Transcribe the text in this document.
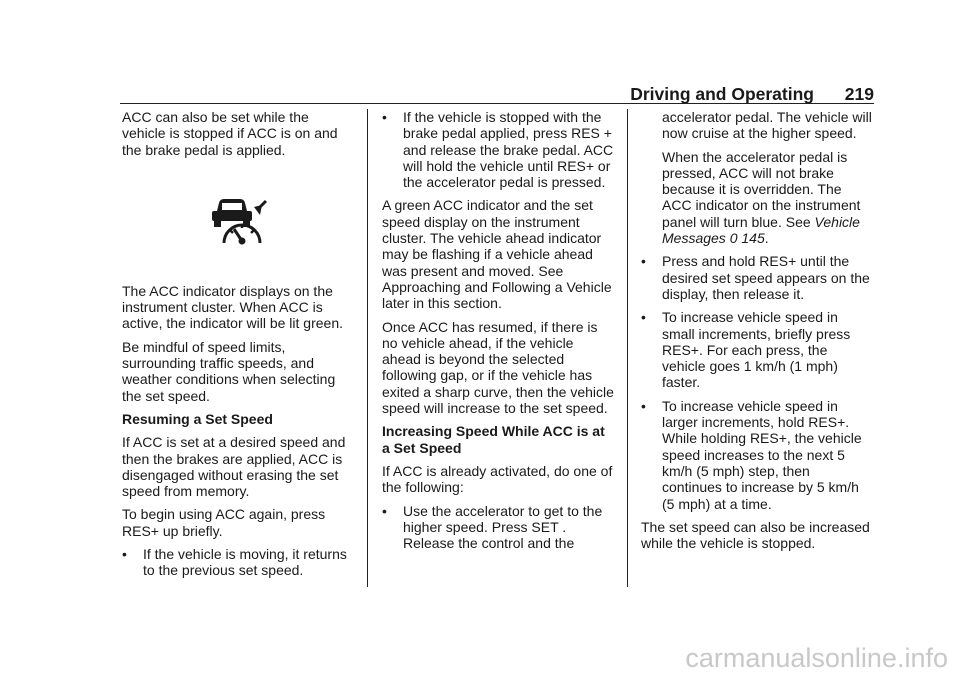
Driving and Operating 219

ACC can also be set while the vehicle is stopped if ACC is on and the brake pedal is applied.

The ACC indicator displays on the instrument cluster. When ACC is active, the indicator will be lit green.

Be mindful of speed limits, surrounding traffic speeds, and weather conditions when selecting the set speed.

Resuming a Set Speed

If ACC is set at a desired speed and then the brakes are applied, ACC is disengaged without erasing the set speed from memory.

To begin using ACC again, press RES+ up briefly.

• If the vehicle is moving, it returns to the previous set speed.
• If the vehicle is stopped with the brake pedal applied, press RES + and release the brake pedal. ACC will hold the vehicle until RES+ or the accelerator pedal is pressed.

A green ACC indicator and the set speed display on the instrument cluster. The vehicle ahead indicator may be flashing if a vehicle ahead was present and moved. See Approaching and Following a Vehicle later in this section.

Once ACC has resumed, if there is no vehicle ahead, if the vehicle ahead is beyond the selected following gap, or if the vehicle has exited a sharp curve, then the vehicle speed will increase to the set speed.

Increasing Speed While ACC is at a Set Speed

If ACC is already activated, do one of the following:

• Use the accelerator to get to the higher speed. Press SET . Release the control and the

accelerator pedal. The vehicle will now cruise at the higher speed.

When the accelerator pedal is pressed, ACC will not brake because it is overridden. The ACC indicator on the instrument panel will turn blue. See Vehicle Messages 0 145.

• Press and hold RES+ until the desired set speed appears on the display, then release it.
• To increase vehicle speed in small increments, briefly press RES+. For each press, the vehicle goes 1 km/h (1 mph) faster.
• To increase vehicle speed in larger increments, hold RES+. While holding RES+, the vehicle speed increases to the next 5 km/h (5 mph) step, then continues to increase by 5 km/h (5 mph) at a time.

The set speed can also be increased while the vehicle is stopped.

carmanualsonline.info
